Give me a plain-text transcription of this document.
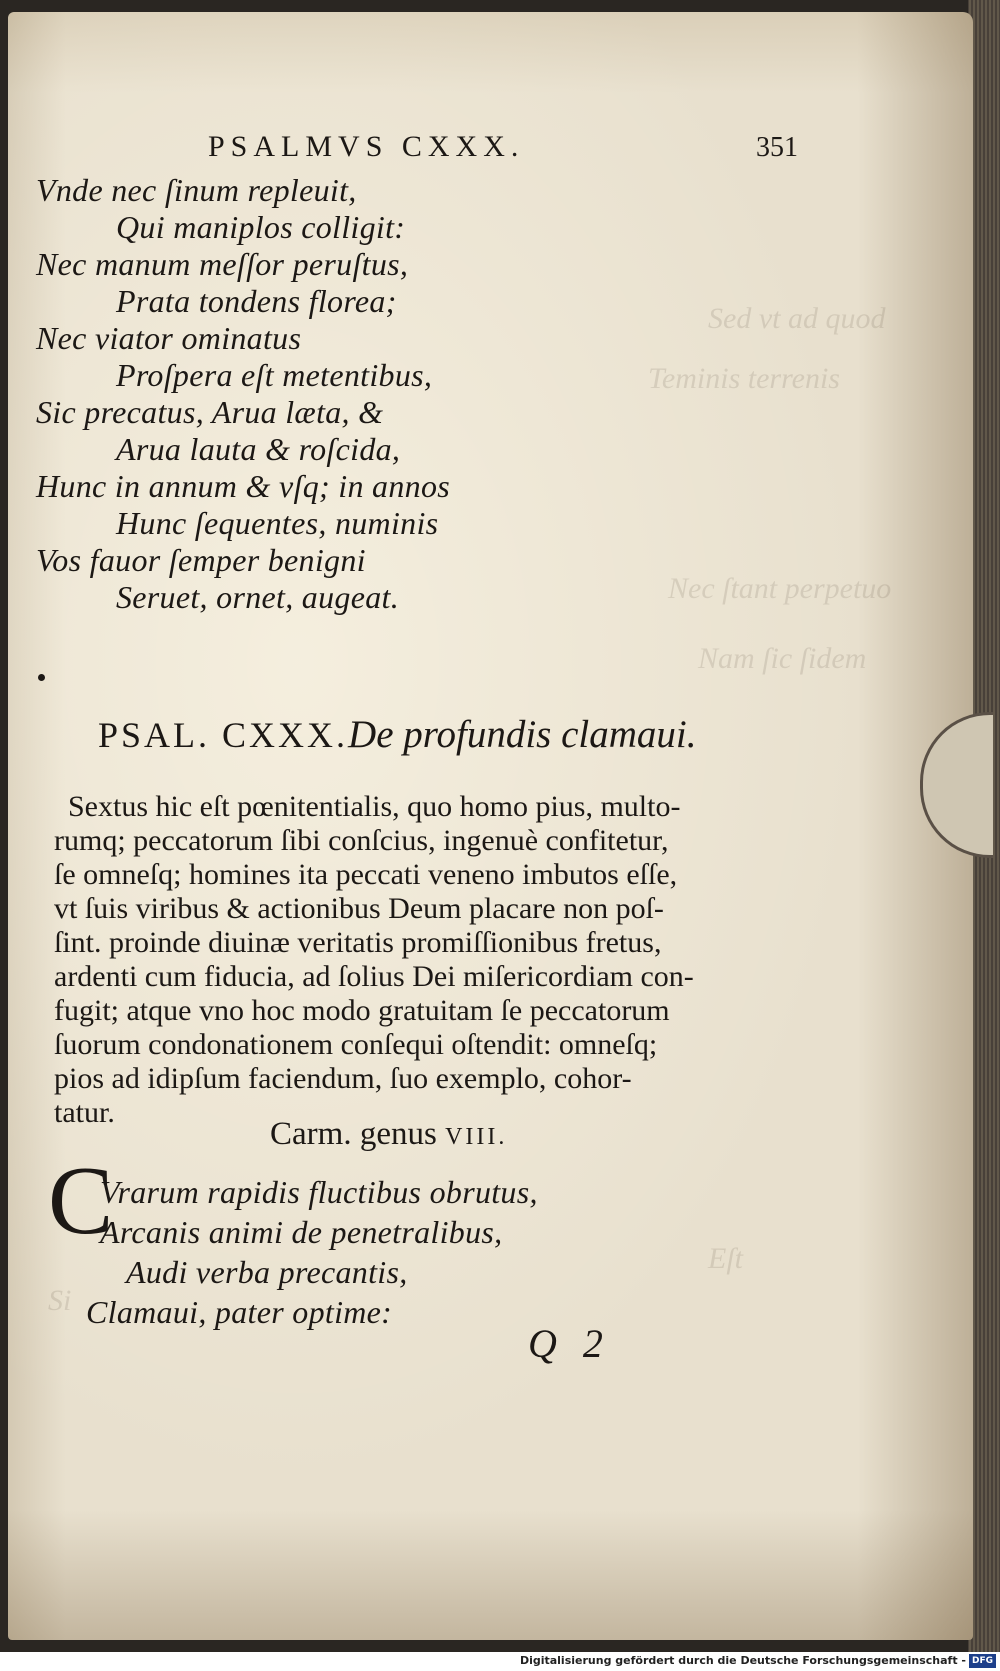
Sed vt ad quod
Teminis terrenis
Nec ſtant perpetuo
Nam ſic ſidem
Eſt
Si
PSALMVS CXXX.	351
Vnde nec ſinum repleuit,
Qui maniplos colligit:
Nec manum meſſor peruſtus,
Prata tondens florea;
Nec viator ominatus
Proſpera eſt metentibus,
Sic precatus, Arua læta, &
Arua lauta & roſcida,
Hunc in annum & vſq; in annos
Hunc ſequentes, numinis
Vos fauor ſemper benigni
Seruet, ornet, augeat.
PSAL. CXXX.De profundis clamaui.
Sextus hic eſt pœnitentialis, quo homo pius, multo-
rumq; peccatorum ſibi conſcius, ingenuè confitetur,
ſe omneſq; homines ita peccati veneno imbutos eſſe,
vt ſuis viribus & actionibus Deum placare non poſ-
ſint. proinde diuinæ veritatis promiſſionibus fretus,
ardenti cum fiducia, ad ſolius Dei miſericordiam con-
fugit; atque vno hoc modo gratuitam ſe peccatorum
ſuorum condonationem conſequi oſtendit: omneſq;
pios ad idipſum faciendum, ſuo exemplo, cohor-
tatur.
Carm. genus VIII.
C
Vrarum rapidis fluctibus obrutus,
Arcanis animi de penetralibus,
Audi verba precantis,
Clamaui, pater optime:
Q 2
Digitalisierung gefördert durch die Deutsche Forschungsgemeinschaft - DFG
